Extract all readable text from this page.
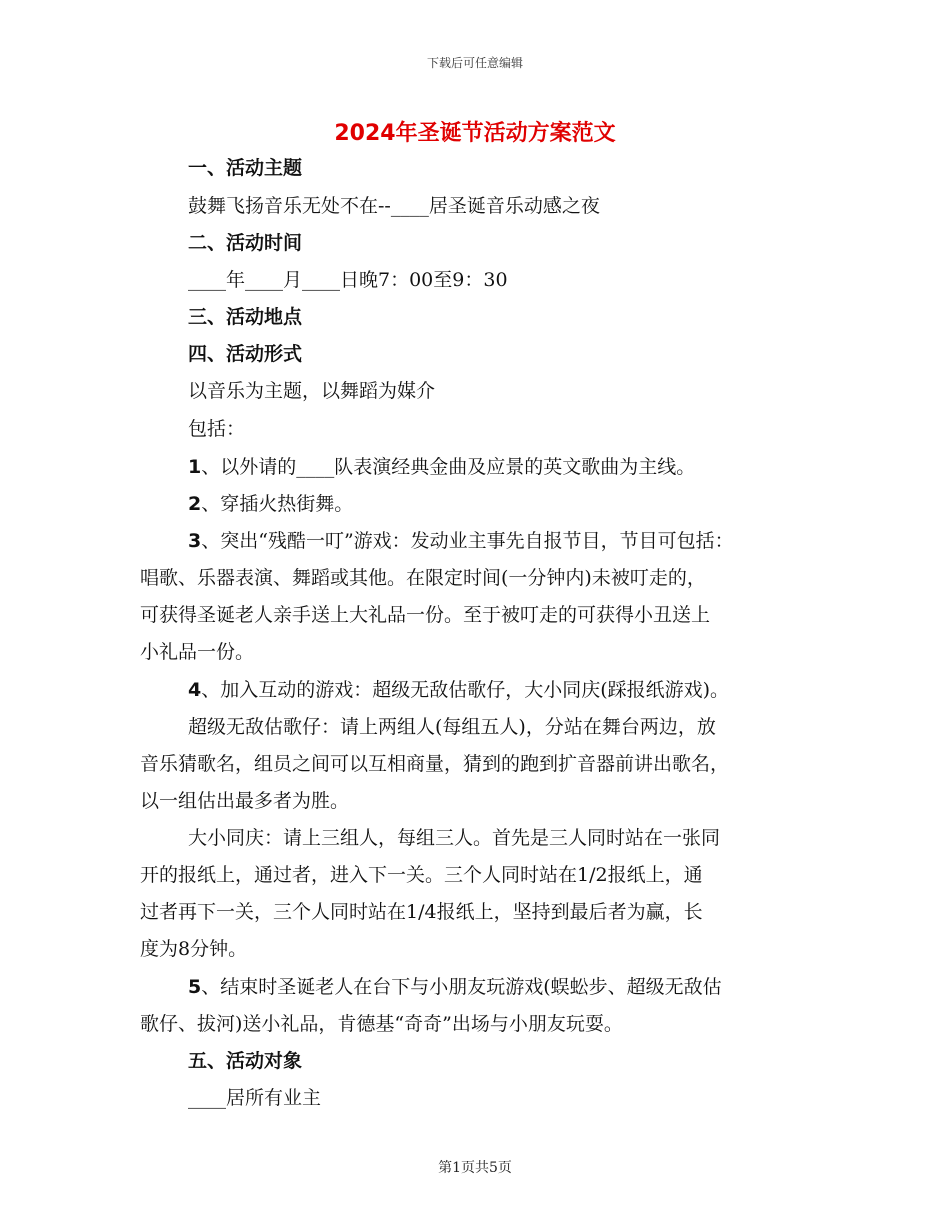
下载后可任意编辑
2024年圣诞节活动方案范文
一、活动主题
鼓舞飞扬音乐无处不在--____居圣诞音乐动感之夜
二、活动时间
____年____月____日晚7：00至9：30
三、活动地点
四、活动形式
以音乐为主题，以舞蹈为媒介
包括：
1、以外请的____队表演经典金曲及应景的英文歌曲为主线。
2、穿插火热街舞。
3、突出“残酷一叮”游戏：发动业主事先自报节目，节目可包括：
唱歌、乐器表演、舞蹈或其他。在限定时间(一分钟内)未被叮走的，
可获得圣诞老人亲手送上大礼品一份。至于被叮走的可获得小丑送上
小礼品一份。
4、加入互动的游戏：超级无敌估歌仔，大小同庆(踩报纸游戏)。
超级无敌估歌仔：请上两组人(每组五人)，分站在舞台两边，放
音乐猜歌名，组员之间可以互相商量，猜到的跑到扩音器前讲出歌名，
以一组估出最多者为胜。
大小同庆：请上三组人，每组三人。首先是三人同时站在一张同
开的报纸上，通过者，进入下一关。三个人同时站在1/2报纸上，通
过者再下一关，三个人同时站在1/4报纸上，坚持到最后者为赢，长
度为8分钟。
5、结束时圣诞老人在台下与小朋友玩游戏(蜈蚣步、超级无敌估
歌仔、拔河)送小礼品，肯德基“奇奇”出场与小朋友玩耍。
五、活动对象
____居所有业主
第1页共5页
